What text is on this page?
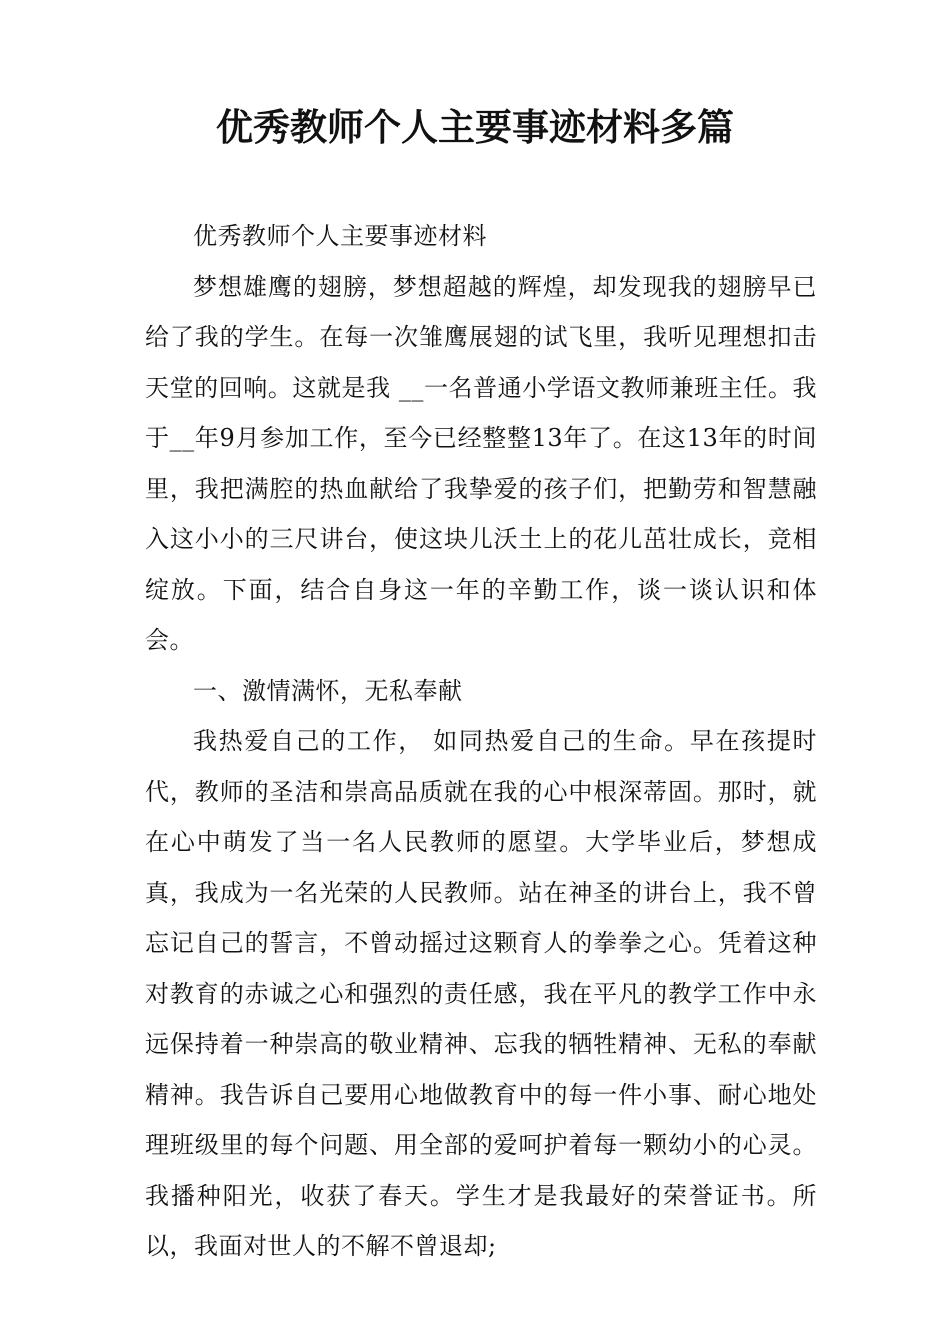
优秀教师个人主要事迹材料多篇

优秀教师个人主要事迹材料

梦想雄鹰的翅膀，梦想超越的辉煌，却发现我的翅膀早已给了我的学生。在每一次雏鹰展翅的试飞里，我听见理想扣击天堂的回响。这就是我 __一名普通小学语文教师兼班主任。我于__年9月参加工作，至今已经整整13年了。在这13年的时间里，我把满腔的热血献给了我挚爱的孩子们，把勤劳和智慧融入这小小的三尺讲台，使这块儿沃土上的花儿茁壮成长，竞相绽放。下面，结合自身这一年的辛勤工作，谈一谈认识和体会。

一、激情满怀，无私奉献

我热爱自己的工作， 如同热爱自己的生命。早在孩提时代，教师的圣洁和崇高品质就在我的心中根深蒂固。那时，就在心中萌发了当一名人民教师的愿望。大学毕业后，梦想成真，我成为一名光荣的人民教师。站在神圣的讲台上，我不曾忘记自己的誓言，不曾动摇过这颗育人的拳拳之心。凭着这种对教育的赤诚之心和强烈的责任感，我在平凡的教学工作中永远保持着一种崇高的敬业精神、忘我的牺牲精神、无私的奉献精神。我告诉自己要用心地做教育中的每一件小事、耐心地处理班级里的每个问题、用全部的爱呵护着每一颗幼小的心灵。我播种阳光，收获了春天。学生才是我最好的荣誉证书。所以，我面对世人的不解不曾退却;
